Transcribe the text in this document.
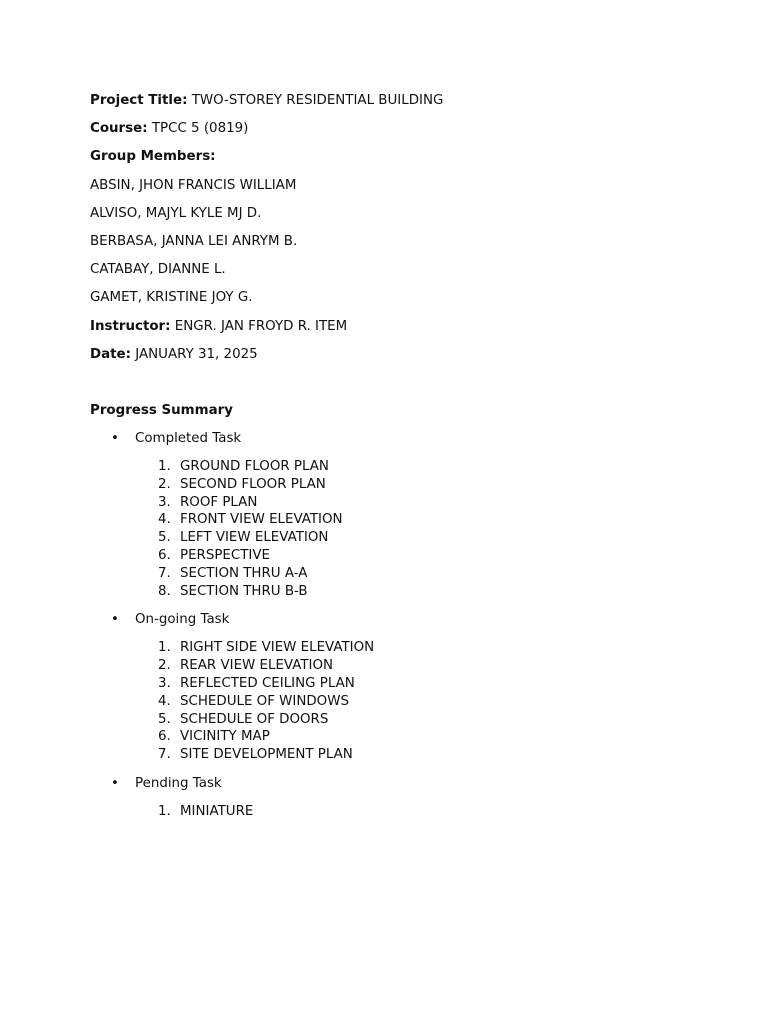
Project Title: TWO-STOREY RESIDENTIAL BUILDING
Course: TPCC 5 (0819)
Group Members:
ABSIN, JHON FRANCIS WILLIAM
ALVISO, MAJYL KYLE MJ D.
BERBASA, JANNA LEI ANRYM B.
CATABAY, DIANNE L.
GAMET, KRISTINE JOY G.
Instructor: ENGR. JAN FROYD R. ITEM
Date: JANUARY 31, 2025
Progress Summary
• Completed Task
1. GROUND FLOOR PLAN
2. SECOND FLOOR PLAN
3. ROOF PLAN
4. FRONT VIEW ELEVATION
5. LEFT VIEW ELEVATION
6. PERSPECTIVE
7. SECTION THRU A-A
8. SECTION THRU B-B
• On-going Task
1. RIGHT SIDE VIEW ELEVATION
2. REAR VIEW ELEVATION
3. REFLECTED CEILING PLAN
4. SCHEDULE OF WINDOWS
5. SCHEDULE OF DOORS
6. VICINITY MAP
7. SITE DEVELOPMENT PLAN
• Pending Task
1. MINIATURE
